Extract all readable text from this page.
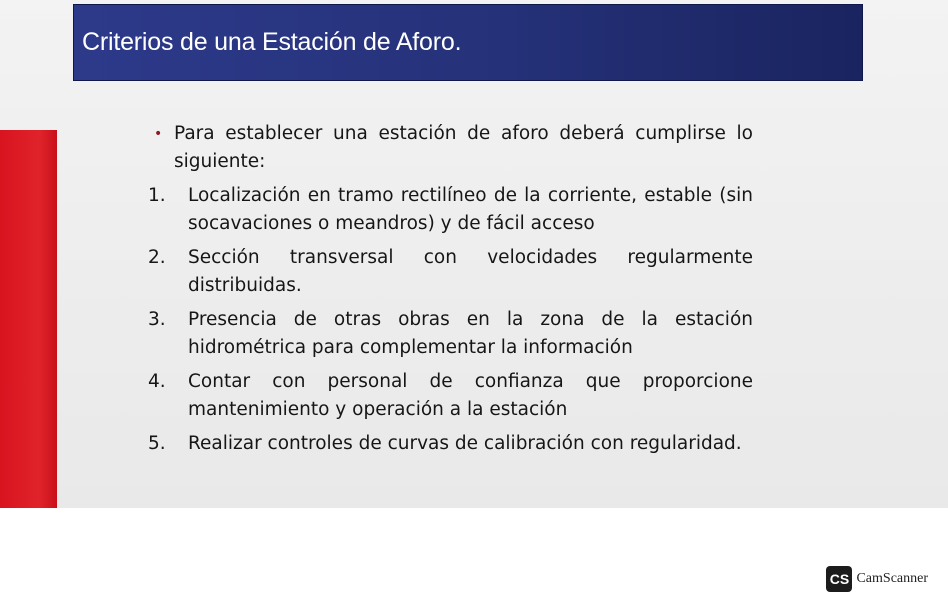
Criterios de una Estación de Aforo.
• Para establecer una estación de aforo deberá cumplirse lo siguiente:
1.	Localización en tramo rectilíneo de la corriente, estable (sin socavaciones o meandros) y de fácil acceso
2.	Sección transversal con velocidades regularmente distribuidas.
3.	Presencia de otras obras en la zona de la estación hidrométrica para complementar la información
4.	Contar con personal de confianza que proporcione mantenimiento y operación a la estación
5.	Realizar controles de curvas de calibración con regularidad.
CS CamScanner
